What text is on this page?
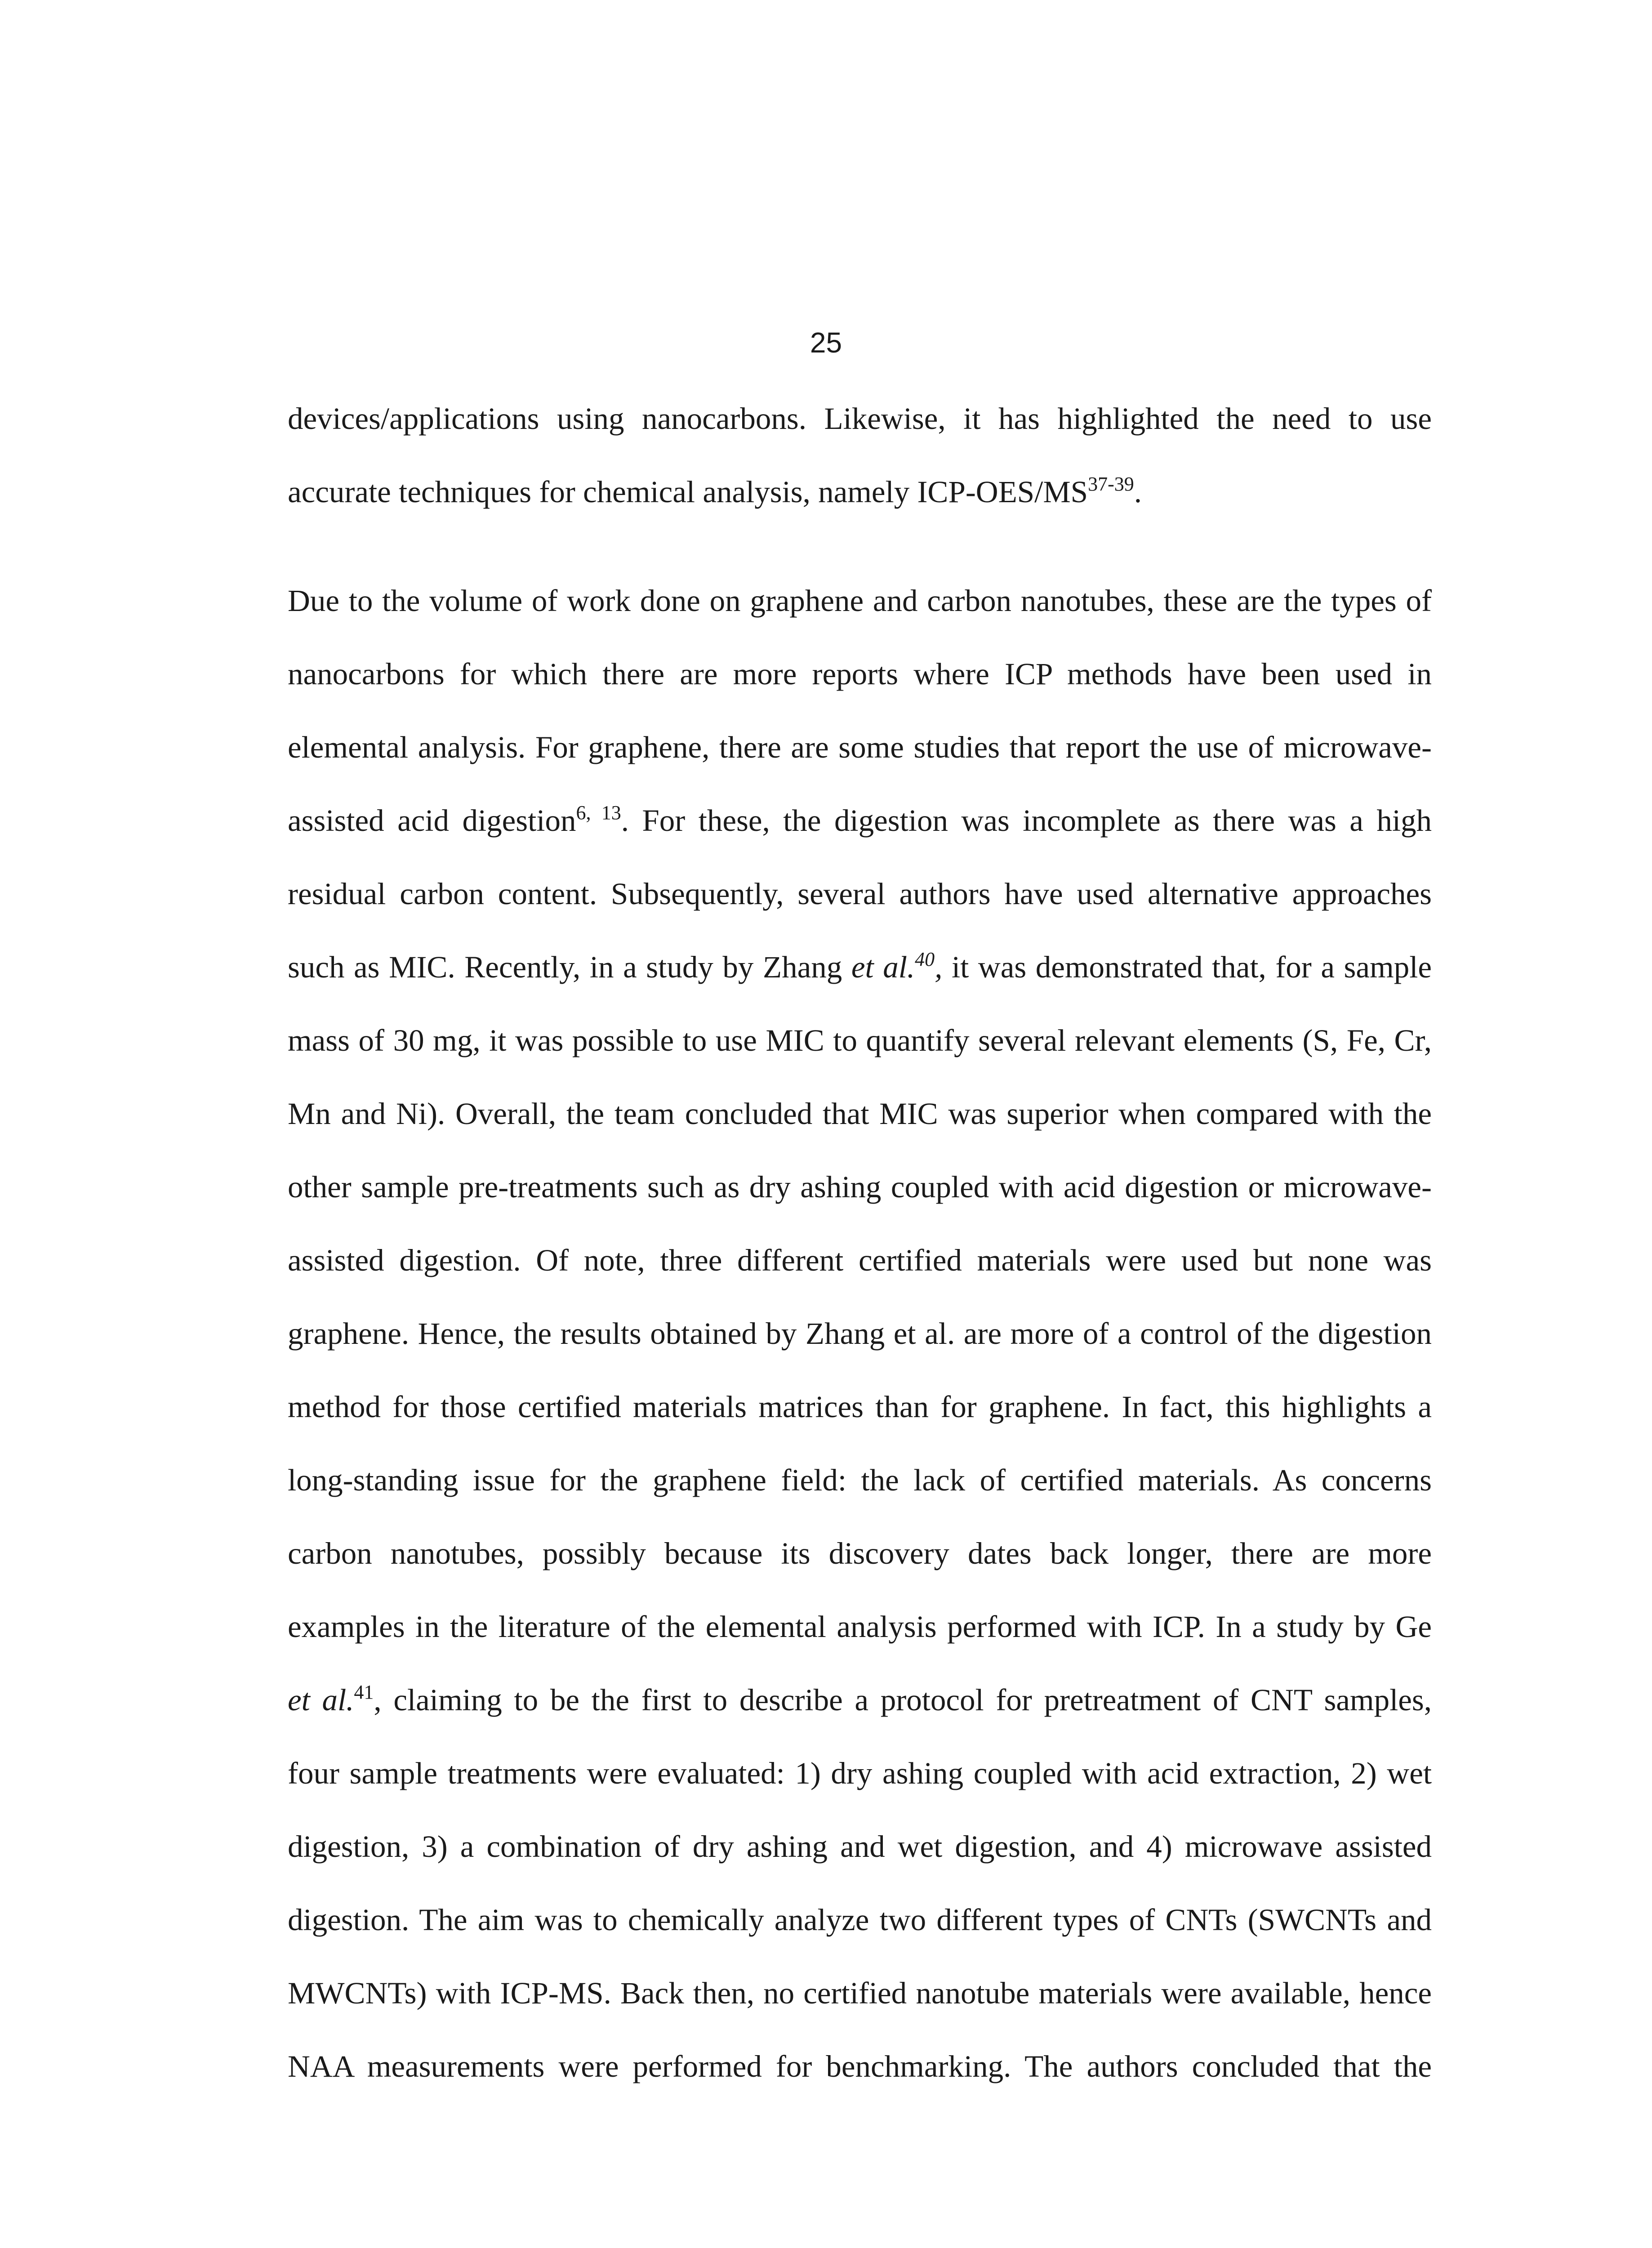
25
devices/applications using nanocarbons. Likewise, it has highlighted the need to use
accurate techniques for chemical analysis, namely ICP-OES/MS$^{37-39}$.
Due to the volume of work done on graphene and carbon nanotubes, these are the types of
nanocarbons for which there are more reports where ICP methods have been used in
elemental analysis. For graphene, there are some studies that report the use of microwave-
assisted acid digestion$^{6, 13}$. For these, the digestion was incomplete as there was a high
residual carbon content. Subsequently, several authors have used alternative approaches
such as MIC. Recently, in a study by Zhang et al.$^{40}$, it was demonstrated that, for a sample
mass of 30 mg, it was possible to use MIC to quantify several relevant elements (S, Fe, Cr,
Mn and Ni). Overall, the team concluded that MIC was superior when compared with the
other sample pre-treatments such as dry ashing coupled with acid digestion or microwave-
assisted digestion. Of note, three different certified materials were used but none was
graphene. Hence, the results obtained by Zhang et al. are more of a control of the digestion
method for those certified materials matrices than for graphene. In fact, this highlights a
long-standing issue for the graphene field: the lack of certified materials. As concerns
carbon nanotubes, possibly because its discovery dates back longer, there are more
examples in the literature of the elemental analysis performed with ICP. In a study by Ge
et al.$^{41}$, claiming to be the first to describe a protocol for pretreatment of CNT samples,
four sample treatments were evaluated: 1) dry ashing coupled with acid extraction, 2) wet
digestion, 3) a combination of dry ashing and wet digestion, and 4) microwave assisted
digestion. The aim was to chemically analyze two different types of CNTs (SWCNTs and
MWCNTs) with ICP-MS. Back then, no certified nanotube materials were available, hence
NAA measurements were performed for benchmarking. The authors concluded that the
